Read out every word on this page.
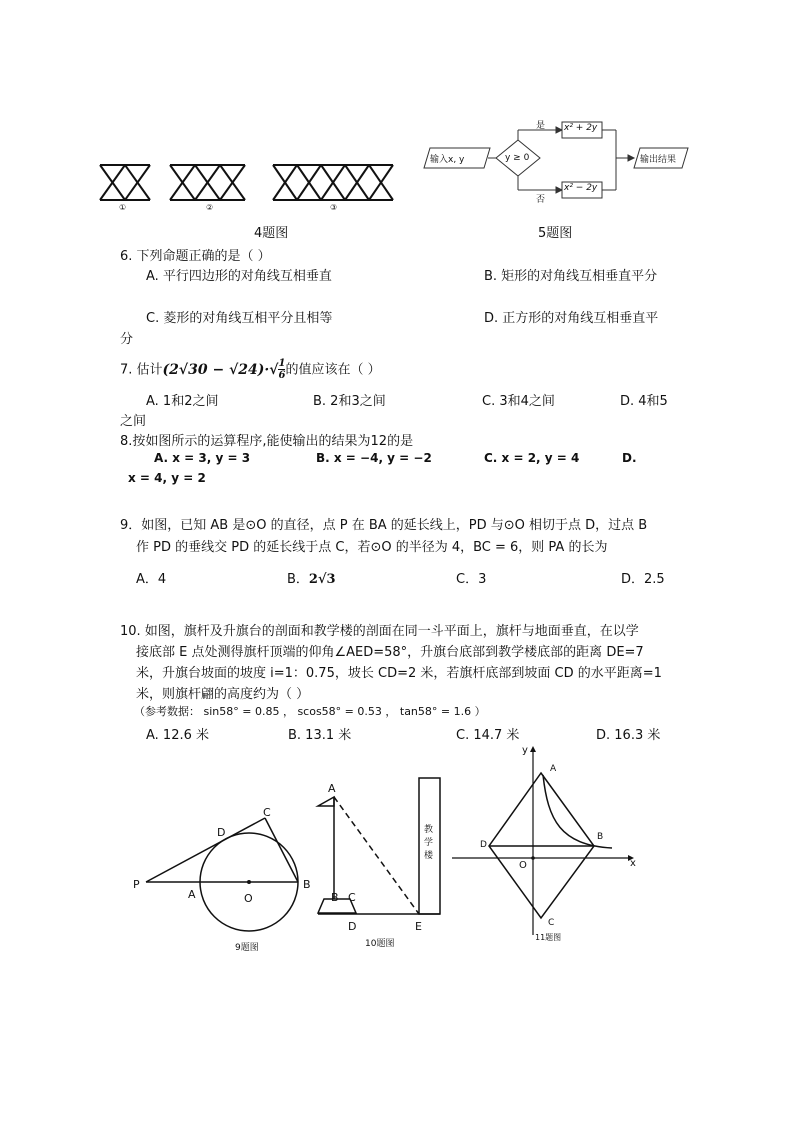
①	②	③
4题图
输入x, y	y ≥ 0
是
否
x² + 2y
x² − 2y
输出结果
5题图
6. 下列命题正确的是（ ）
A. 平行四边形的对角线互相垂直	B. 矩形的对角线互相垂直平分
C. 菱形的对角线互相平分且相等	D. 正方形的对角线互相垂直平
分
7. 估计$(2√30 - √24)\cdot√ \frac{1}{6}$ 的值应该在（ ）
A. 1和2之间	B. 2和3之间	C. 3和4之间	D. 4和5
之间
8.按如图所示的运算程序,能使输出的结果为12的是
A. x = 3, y = 3	B. x = −4, y = −2	C. x = 2, y = 4	D.
x = 4, y = 2
9．如图，已知 AB 是⊙O 的直径，点 P 在 BA 的延长线上，PD 与⊙O 相切于点 D，过点 B
作 PD 的垂线交 PD 的延长线于点 C，若⊙O 的半径为 4，BC = 6，则 PA 的长为
A．4	B．2√3	C．3	D．2.5
10. 如图，旗杆及升旗台的剖面和教学楼的剖面在同一斗平面上，旗杆与地面垂直，在以学
接底部 E 点处测得旗杆顶端的仰角∠AED=58°，升旗台底部到教学楼底部的距离 DE=7
米，升旗台坡面的坡度 i=1：0.75，坡长 CD=2 米，若旗杆底部到坡面 CD 的水平距离=1
米，则旗杆翩的高度约为（ ）
（参考数据： sin58° = 0.85 ， scos58° = 0.53 ， tan58° = 1.6 ）
A. 12.6 米	B. 13.1 米	C. 14.7 米	D. 16.3 米
P
A	O
B
C
D
9题图
教学楼
A
B C
D	E
10题图
y
x
A
B
C
D
O
11题图
